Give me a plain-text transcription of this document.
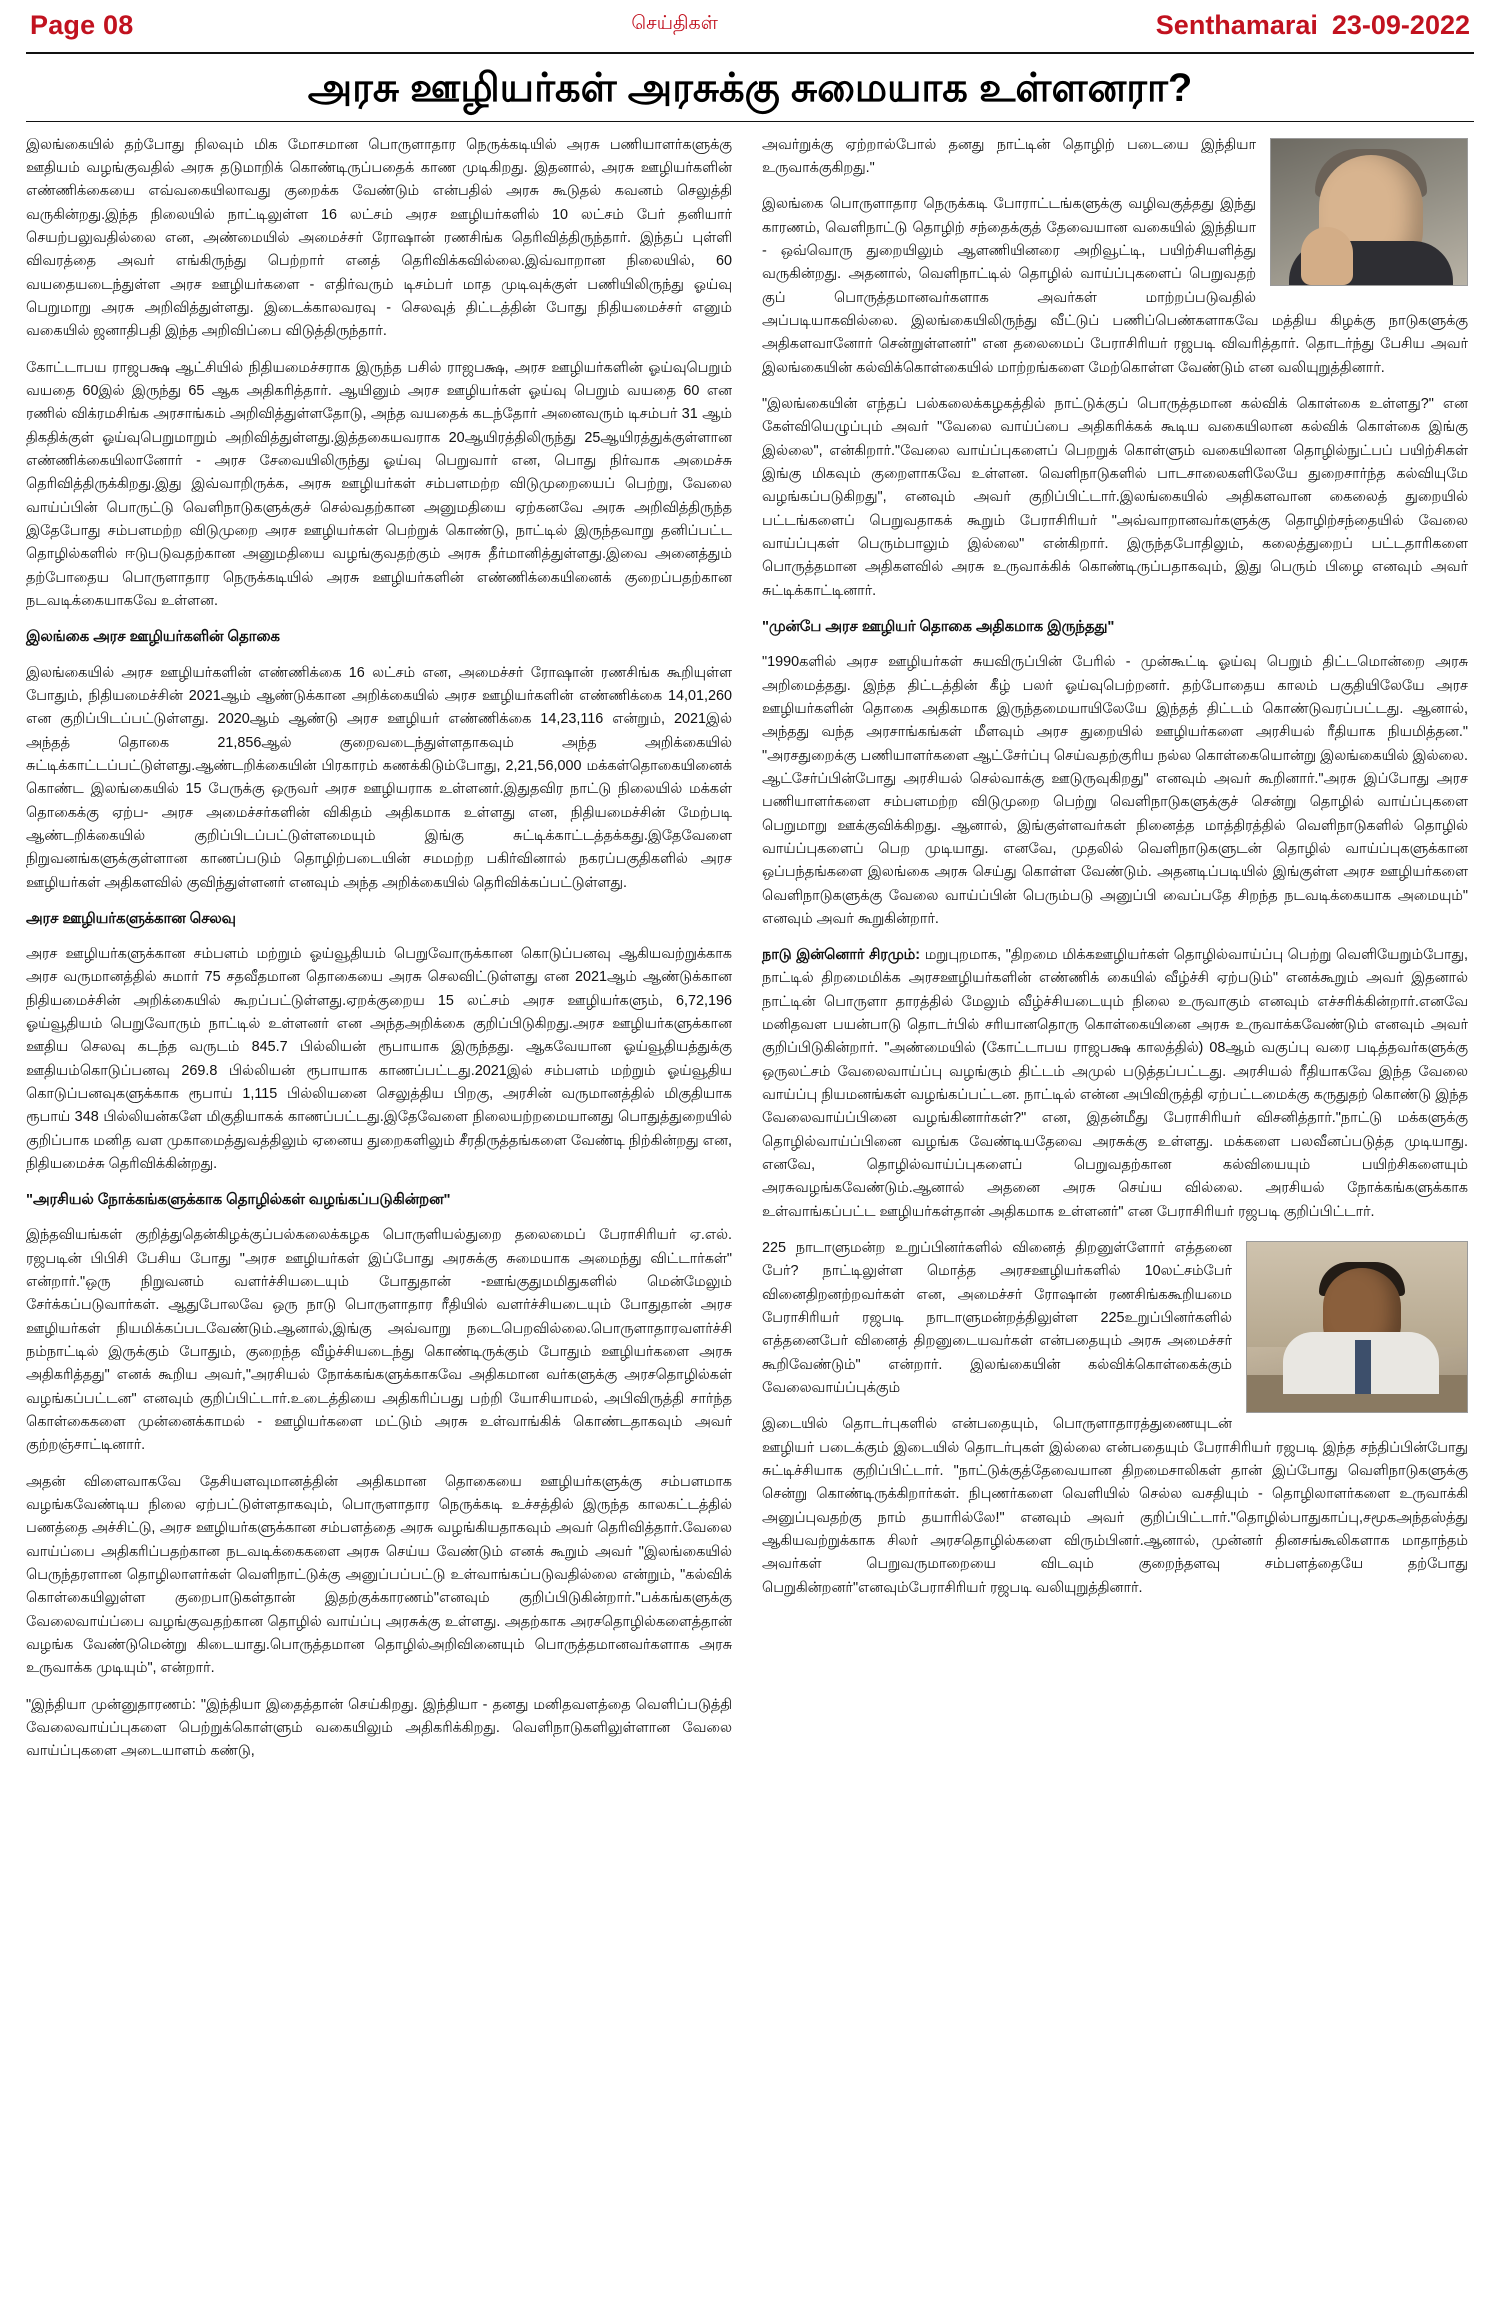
Page 08	செய்திகள்	Senthamarai 23-09-2022
அரசு ஊழியர்கள் அரசுக்கு சுமையாக உள்ளனரா?

இலங்கையில் தற்போது நிலவும் மிக மோசமான பொருளாதார நெருக்கடியில் அரசு பணியாளர்களுக்கு ஊதியம் வழங்குவதில் அரசு தடுமாறிக் கொண்டிருப்பதைக் காண முடிகிறது. இதனால், அரசு ஊழியர்களின் எண்ணிக்கையை எவ்வகையிலாவது குறைக்க வேண்டும் என்பதில் அரசு கூடுதல் கவனம் செலுத்தி வருகின்றது.இந்த நிலையில் நாட்டிலுள்ள 16 லட்சம் அரச ஊழியர்களில் 10 லட்சம் பேர் தனியார் செயற்பலுவதில்லை என, அண்மையில் அமைச்சர் ரோஷான் ரணசிங்க தெரிவித்திருந்தார். இந்தப் புள்ளி விவரத்தை அவர் எங்கிருந்து பெற்றார் எனத் தெரிவிக்கவில்லை.இவ்வாறான நிலையில், 60 வயதையடைந்துள்ள அரச ஊழியர்களை - எதிர்வரும் டிசம்பர் மாத முடிவுக்குள் பணியிலிருந்து ஓய்வு பெறுமாறு அரசு அறிவித்துள்ளது. இடைக்காலவரவு - செலவுத் திட்டத்தின் போது நிதியமைச்சர் எனும் வகையில் ஜனாதிபதி இந்த அறிவிப்பை விடுத்திருந்தார்.

கோட்டாபய ராஜபக்ஷ ஆட்சியில் நிதியமைச்சராக இருந்த பசில் ராஜபக்ஷ, அரச ஊழியர்களின் ஓய்வுபெறும் வயதை 60இல் இருந்து 65 ஆக அதிகரித்தார். ஆயினும் அரச ஊழியர்கள் ஓய்வு பெறும் வயதை 60 என ரணில் விக்ரமசிங்க அரசாங்கம் அறிவித்துள்ளதோடு, அந்த வயதைக் கடந்தோர் அனைவரும் டிசம்பர் 31 ஆம் திகதிக்குள் ஓய்வுபெறுமாறும் அறிவித்துள்ளது.இத்தகையவராக 20ஆயிரத்திலிருந்து 25ஆயிரத்துக்குள்ளான எண்ணிக்கையிலானோர் - அரச சேவையிலிருந்து ஓய்வு பெறுவார் என, பொது நிர்வாக அமைச்சு தெரிவித்திருக்கிறது.இது இவ்வாறிருக்க, அரசு ஊழியர்கள் சம்பளமற்ற விடுமுறையைப் பெற்று, வேலை வாய்ப்பின் பொருட்டு வெளிநாடுகளுக்குச் செல்வதற்கான அனுமதியை ஏற்கனவே அரசு அறிவித்திருந்த இதேபோது சம்பளமற்ற விடுமுறை அரச ஊழியர்கள் பெற்றுக் கொண்டு, நாட்டில் இருந்தவாறு தனிப்பட்ட தொழில்களில் ஈடுபடுவதற்கான அனுமதியை வழங்குவதற்கும் அரசு தீர்மானித்துள்ளது.இவை அனைத்தும் தற்போதைய பொருளாதார நெருக்கடியில் அரசு ஊழியர்களின் எண்ணிக்கையினைக் குறைப்பதற்கான நடவடிக்கையாகவே உள்ளன.

இலங்கை அரச ஊழியர்களின் தொகை

இலங்கையில் அரச ஊழியர்களின் எண்ணிக்கை 16 லட்சம் என, அமைச்சர் ரோஷான் ரணசிங்க கூறியுள்ள போதும், நிதியமைச்சின் 2021ஆம் ஆண்டுக்கான அறிக்கையில் அரச ஊழியர்களின் எண்ணிக்கை 14,01,260 என குறிப்பிடப்பட்டுள்ளது. 2020ஆம் ஆண்டு அரச ஊழியர் எண்ணிக்கை 14,23,116 என்றும், 2021இல் அந்தத் தொகை 21,856ஆல் குறைவடைந்துள்ளதாகவும் அந்த அறிக்கையில் சுட்டிக்காட்டப்பட்டுள்ளது.ஆண்டறிக்கையின் பிரகாரம் கணக்கிடும்போது, 2,21,56,000 மக்கள்தொகையினைக் கொண்ட இலங்கையில் 15 பேருக்கு ஒருவர் அரச ஊழியராக உள்ளனர்.இதுதவிர நாட்டு நிலையில் மக்கள் தொகைக்கு ஏற்ப- அரச அமைச்சர்களின் விகிதம் அதிகமாக உள்ளது என, நிதியமைச்சின் மேற்படி ஆண்டறிக்கையில் குறிப்பிடப்பட்டுள்ளமையும் இங்கு சுட்டிக்காட்டத்தக்கது.இதேவேளை நிறுவனங்களுக்குள்ளான காணப்படும் தொழிற்படையின் சமமற்ற பகிர்வினால் நகரப்பகுதிகளில் அரச ஊழியர்கள் அதிகளவில் குவிந்துள்ளனர் எனவும் அந்த அறிக்கையில் தெரிவிக்கப்பட்டுள்ளது.

அரச ஊழியர்களுக்கான செலவு

அரச ஊழியர்களுக்கான சம்பளம் மற்றும் ஓய்வூதியம் பெறுவோருக்கான கொடுப்பனவு ஆகியவற்றுக்காக அரச வருமானத்தில் சுமார் 75 சதவீதமான தொகையை அரசு செலவிட்டுள்ளது என 2021ஆம் ஆண்டுக்கான நிதியமைச்சின் அறிக்கையில் கூறப்பட்டுள்ளது.ஏறக்குறைய 15 லட்சம் அரச ஊழியர்களும், 6,72,196 ஓய்வூதியம் பெறுவோரும் நாட்டில் உள்ளனர் என அந்தஅறிக்கை குறிப்பிடுகிறது.அரச ஊழியர்களுக்கான ஊதிய செலவு கடந்த வருடம் 845.7 பில்லியன் ரூபாயாக இருந்தது. ஆகவேயான ஓய்வூதியத்துக்கு ஊதியம்கொடுப்பனவு 269.8 பில்லியன் ரூபாயாக காணப்பட்டது.2021இல் சம்பளம் மற்றும் ஓய்வூதிய கொடுப்பனவுகளுக்காக ரூபாய் 1,115 பில்லியனை செலுத்திய பிறகு, அரசின் வருமானத்தில் மிகுதியாக ரூபாய் 348 பில்லியன்களே மிகுதியாகக் காணப்பட்டது.இதேவேளை நிலையற்றமையானது பொதுத்துறையில் குறிப்பாக மனித வள முகாமைத்துவத்திலும் ஏனைய துறைகளிலும் சீரதிருத்தங்களை வேண்டி நிற்கின்றது என, நிதியமைச்சு தெரிவிக்கின்றது.

"அரசியல் நோக்கங்களுக்காக தொழில்கள் வழங்கப்படுகின்றன"

இந்தவியங்கள் குறித்துதென்கிழக்குப்பல்கலைக்கழக பொருளியல்துறை தலைமைப் பேராசிரியர் ஏ.எல். ரஜபடின் பிபிசி பேசிய போது "அரச ஊழியர்கள் இப்போது அரசுக்கு சுமையாக அமைந்து விட்டார்கள்" என்றார்."ஒரு நிறுவனம் வளர்ச்சியடையும் போதுதான் -ஊங்குதுமமிதுகளில் மென்மேலும் சேர்க்கப்படுவார்கள். ஆதுபோலவே ஒரு நாடு பொருளாதார ரீதியில் வளர்ச்சியடையும் போதுதான் அரச ஊழியர்கள் நியமிக்கப்படவேண்டும்.ஆனால்,இங்கு அவ்வாறு நடைபெறவில்லை.பொருளாதாரவளர்ச்சி நம்நாட்டில் இருக்கும் போதும், குறைந்த வீழ்ச்சியடைந்து கொண்டிருக்கும் போதும் ஊழியர்களை அரசு அதிகரித்தது" எனக் கூறிய அவர்,"அரசியல் நோக்கங்களுக்காகவே அதிகமான வர்களுக்கு அரசதொழில்கள் வழங்கப்பட்டன" எனவும் குறிப்பிட்டார்.உடைத்தியை அதிகரிப்பது பற்றி யோசியாமல், அபிவிருத்தி சார்ந்த கொள்கைகளை முன்னைக்காமல் - ஊழியர்களை மட்டும் அரசு உள்வாங்கிக் கொண்டதாகவும் அவர் குற்றஞ்சாட்டினார்.

அதன் விளைவாகவே தேசியளவுமானத்தின் அதிகமான தொகையை ஊழியர்களுக்கு சம்பளமாக வழங்கவேண்டிய நிலை ஏற்பட்டுள்ளதாகவும், பொருளாதார நெருக்கடி உச்சத்தில் இருந்த காலகட்டத்தில் பணத்தை அச்சிட்டு, அரச ஊழியர்களுக்கான சம்பளத்தை அரசு வழங்கியதாகவும் அவர் தெரிவித்தார்.வேலை வாய்ப்பை அதிகரிப்பதற்கான நடவடிக்கைகளை அரசு செய்ய வேண்டும் எனக் கூறும் அவர் "இலங்கையில் பெருந்தரளான தொழிலாளர்கள் வெளிநாட்டுக்கு அனுப்பப்பட்டு உள்வாங்கப்படுவதில்லை என்றும், "கல்விக் கொள்கையிலுள்ள குறைபாடுகள்தான் இதற்குக்காரணம்"எனவும் குறிப்பிடுகின்றார்."பக்கங்களுக்கு வேலைவாய்ப்பை வழங்குவதற்கான தொழில் வாய்ப்பு அரசுக்கு உள்ளது. அதற்காக அரசதொழில்களைத்தான் வழங்க வேண்டுமென்று கிடையாது.பொருத்தமான தொழில்அறிவினையும் பொருத்தமானவர்களாக அரசு உருவாக்க முடியும்", என்றார்.

"இந்தியா முன்னுதாரணம்: "இந்தியா இதைத்தான் செய்கிறது. இந்தியா - தனது மனிதவளத்தை வெளிப்படுத்தி வேலைவாய்ப்புகளை பெற்றுக்கொள்ளும் வகையிலும் அதிகரிக்கிறது. வெளிநாடுகளிலுள்ளான வேலை வாய்ப்புகளை அடையாளம் கண்டு,

அவர்றுக்கு ஏற்றால்போல் தனது நாட்டின் தொழிற் படையை இந்தியா உருவாக்குகிறது."

இலங்கை பொருளாதார நெருக்கடி போராட்டங்களுக்கு வழிவகுத்தது இந்து காரணம், வெளிநாட்டு தொழிற் சந்தைக்குத் தேவையான வகையில் இந்தியா - ஒவ்வொரு துறையிலும் ஆளணியினரை அறிவூட்டி, பயிற்சியளித்து வருகின்றது. அதனால், வெளிநாட்டில் தொழில் வாய்ப்புகளைப் பெறுவதற் குப் பொருத்தமானவர்களாக அவர்கள் மாற்றப்படுவதில் அப்படியாகவில்லை. இலங்கையிலிருந்து வீட்டுப் பணிப்பெண்களாகவே மத்திய கிழக்கு நாடுகளுக்கு அதிகளவானோர் சென்றுள்ளனர்" என தலைமைப் பேராசிரியர் ரஜபடி விவரித்தார். தொடர்ந்து பேசிய அவர் இலங்கையின் கல்விக்கொள்கையில் மாற்றங்களை மேற்கொள்ள வேண்டும் என வலியுறுத்தினார்.

"இலங்கையின் எந்தப் பல்கலைக்கழகத்தில் நாட்டுக்குப் பொருத்தமான கல்விக் கொள்கை உள்ளது?" என கேள்வியெழுப்பும் அவர் "வேலை வாய்ப்பை அதிகரிக்கக் கூடிய வகையிலான கல்விக் கொள்கை இங்கு இல்லை", என்கிறார்."வேலை வாய்ப்புகளைப் பெறறுக் கொள்ளும் வகையிலான தொழில்நுட்பப் பயிற்சிகள் இங்கு மிகவும் குறைளாகவே உள்ளன. வெளிநாடுகளில் பாடசாலைகளிலேயே துறைசார்ந்த கல்வியுமே வழங்கப்படுகிறது", எனவும் அவர் குறிப்பிட்டார்.இலங்கையில் அதிகளவான கைலைத் துறையில் பட்டங்களைப் பெறுவதாகக் கூறும் பேராசிரியர் "அவ்வாறானவர்களுக்கு தொழிற்சந்தையில் வேலை வாய்ப்புகள் பெரும்பாலும் இல்லை" என்கிறார். இருந்தபோதிலும், கலைத்துறைப் பட்டதாரிகளை பொருத்தமான அதிகளவில் அரசு உருவாக்கிக் கொண்டிருப்பதாகவும், இது பெரும் பிழை எனவும் அவர் சுட்டிக்காட்டினார்.

"முன்பே அரச ஊழியர் தொகை அதிகமாக இருந்தது"

"1990களில் அரச ஊழியர்கள் சுயவிருப்பின் பேரில் - முன்கூட்டி ஓய்வு பெறும் திட்டமொன்றை அரசு அறிமைத்தது. இந்த திட்டத்தின் கீழ் பலர் ஓய்வுபெற்றனர். தற்போதைய காலம் பகுதியிலேயே அரச ஊழியர்களின் தொகை அதிகமாக இருந்தமையாயிலேயே இந்தத் திட்டம் கொண்டுவரப்பட்டது. ஆனால், அந்தது வந்த அரசாங்கங்கள் மீளவும் அரச துறையில் ஊழியர்களை அரசியல் ரீதியாக நியமித்தன." "அரசதுறைக்கு பணியாளர்களை ஆட்சேர்ப்பு செய்வதற்குரிய நல்ல கொள்கையொன்று இலங்கையில் இல்லை. ஆட்சேர்ப்பின்போது அரசியல் செல்வாக்கு ஊடுருவுகிறது" எனவும் அவர் கூறினார்."அரசு இப்போது அரச பணியாளர்களை சம்பளமற்ற விடுமுறை பெற்று வெளிநாடுகளுக்குச் சென்று தொழில் வாய்ப்புகளை பெறுமாறு ஊக்குவிக்கிறது. ஆனால், இங்குள்ளவர்கள் நினைத்த மாத்திரத்தில் வெளிநாடுகளில் தொழில் வாய்ப்புகளைப் பெற முடியாது. எனவே, முதலில் வெளிநாடுகளுடன் தொழில் வாய்ப்புகளுக்கான ஒப்பந்தங்களை இலங்கை அரசு செய்து கொள்ள வேண்டும். அதனடிப்படியில் இங்குள்ள அரச ஊழியர்களை வெளிநாடுகளுக்கு வேலை வாய்ப்பின் பெரும்படு அனுப்பி வைப்பதே சிறந்த நடவடிக்கையாக அமையும்" எனவும் அவர் கூறுகின்றார்.

நாடு இன்னொர் சிரமும்: மறுபுறமாக, "திறமை மிக்கஊழியர்கள் தொழில்வாய்ப்பு பெற்று வெளியேறும்போது, நாட்டில் திறமைமிக்க அரசஊழியர்களின் எண்ணிக் கையில் வீழ்ச்சி ஏற்படும்" எனக்கூறும் அவர் இதனால் நாட்டின் பொருளா தாரத்தில் மேலும் வீழ்ச்சியடையும் நிலை உருவாகும் எனவும் எச்சரிக்கின்றார்.எனவே மனிதவள பயன்பாடு தொடர்பில் சரியானதொரு கொள்கையினை அரசு உருவாக்கவேண்டும் எனவும் அவர் குறிப்பிடுகின்றார். "அண்மையில் (கோட்டாபய ராஜபக்ஷ காலத்தில்) 08ஆம் வகுப்பு வரை படித்தவர்களுக்கு ஒருலட்சம் வேலைவாய்ப்பு வழங்கும் திட்டம் அமுல் படுத்தப்பட்டது. அரசியல் ரீதியாகவே இந்த வேலை வாய்ப்பு நியமனங்கள் வழங்கப்பட்டன. நாட்டில் என்ன அபிவிருத்தி ஏற்பட்டமைக்கு கருதுதற் கொண்டு இந்த வேலைவாய்ப்பினை வழங்கினார்கள்?" என, இதன்மீது பேராசிரியர் விசனித்தார்."நாட்டு மக்களுக்கு தொழில்வாய்ப்பினை வழங்க வேண்டியதேவை அரசுக்கு உள்ளது. மக்களை பலவீனப்படுத்த முடியாது. எனவே, தொழில்வாய்ப்புகளைப் பெறுவதற்கான கல்வியையும் பயிற்சிகளையும் அரசுவழங்கவேண்டும்.ஆனால் அதனை அரசு செய்ய வில்லை. அரசியல் நோக்கங்களுக்காக உள்வாங்கப்பட்ட ஊழியர்கள்தான் அதிகமாக உள்ளனர்" என பேராசிரியர் ரஜபடி குறிப்பிட்டார்.

225 நாடாளுமன்ற உறுப்பினர்களில் வினைத் திறனுள்ளோர் எத்தனை பேர்? நாட்டிலுள்ள மொத்த அரசஊழியர்களில் 10லட்சம்பேர் வினைதிறனற்றவர்கள் என, அமைச்சர் ரோஷான் ரணசிங்ககூறியமை பேராசிரியர் ரஜபடி நாடாளுமன்றத்திலுள்ள 225உறுப்பினர்களில் எத்தனைபேர் வினைத் திறனுடையவர்கள் என்பதையும் அரசு அமைச்சர் கூறிவேண்டும்" என்றார். இலங்கையின் கல்விக்கொள்கைக்கும் வேலைவாய்ப்புக்கும்

இடையில் தொடர்புகளில் என்பதையும், பொருளாதாரத்துணையுடன் ஊழியர் படைக்கும் இடையில் தொடர்புகள் இல்லை என்பதையும் பேராசிரியர் ரஜபடி இந்த சந்திப்பின்போது சுட்டிச்சியாக குறிப்பிட்டார். "நாட்டுக்குத்தேவையான திறமைசாலிகள் தான் இப்போது வெளிநாடுகளுக்கு சென்று கொண்டிருக்கிறார்கள். நிபுணர்களை வெளியில் செல்ல வசதியும் - தொழிலாளர்களை உருவாக்கி அனுப்புவதற்கு நாம் தயாரில்லே!" எனவும் அவர் குறிப்பிட்டார்."தொழில்பாதுகாப்பு,சமூகஅந்தஸ்த்து ஆகியவற்றுக்காக சிலர் அரசதொழில்களை விரும்பினர்.ஆனால், முன்னர் தினசங்கூலிகளாக மாதாந்தம் அவர்கள் பெறுவருமாறையை விடவும் குறைந்தளவு சம்பளத்தையே தற்போது பெறுகின்றனர்"எனவும்பேராசிரியர் ரஜபடி வலியுறுத்தினார்.
